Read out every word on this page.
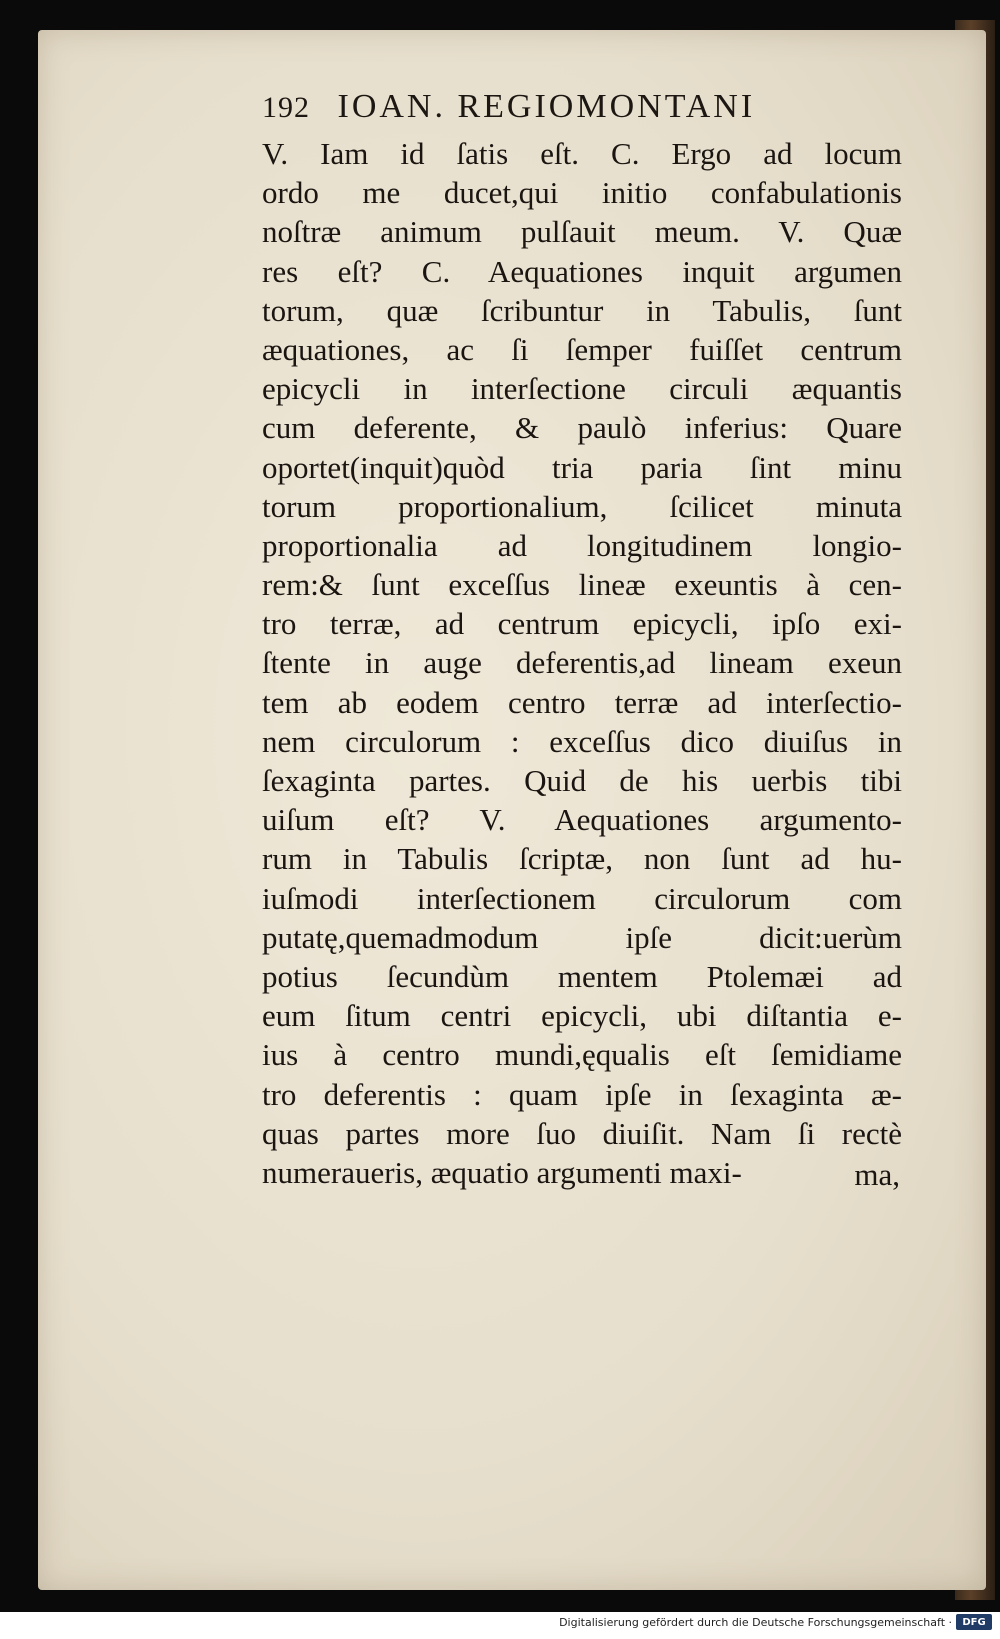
192 IOAN. REGIOMONTANI
V. Iam id ſatis eſt. C. Ergo ad locum
ordo me ducet,qui initio confabulationis
noſtræ animum pulſauit meum. V. Quæ
res eſt? C. Aequationes inquit argumen
torum, quæ ſcribuntur in Tabulis, ſunt
æquationes, ac ſi ſemper fuiſſet centrum
epicycli in interſectione circuli æquantis
cum deferente, & paulò inferius: Quare
oportet(inquit)quòd tria paria ſint minu
torum proportionalium, ſcilicet minuta
proportionalia ad longitudinem longio-
rem:& ſunt exceſſus lineæ exeuntis à cen-
tro terræ, ad centrum epicycli, ipſo exi-
ſtente in auge deferentis,ad lineam exeun
tem ab eodem centro terræ ad interſectio-
nem circulorum : exceſſus dico diuiſus in
ſexaginta partes. Quid de his uerbis tibi
uiſum eſt? V. Aequationes argumento-
rum in Tabulis ſcriptæ, non ſunt ad hu-
iuſmodi interſectionem circulorum com
putatę,quemadmodum ipſe dicit:uerùm
potius ſecundùm mentem Ptolemæi ad
eum ſitum centri epicycli, ubi diſtantia e-
ius à centro mundi,ęqualis eſt ſemidiame
tro deferentis : quam ipſe in ſexaginta æ-
quas partes more ſuo diuiſit. Nam ſi rectè
numeraueris, æquatio argumenti maxi-	ma,
Digitalisierung gefördert durch die Deutsche Forschungsgemeinschaft ·	DFG
